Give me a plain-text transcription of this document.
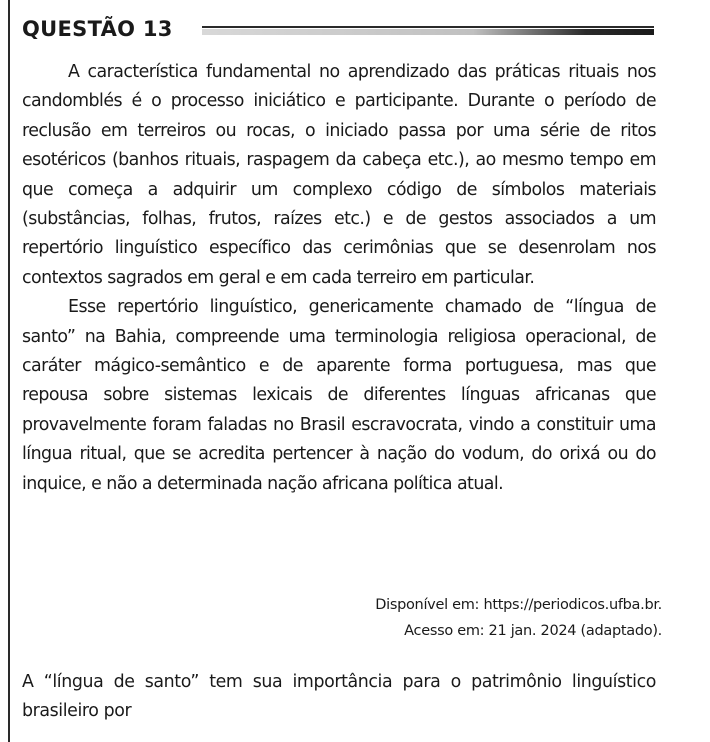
QUESTÃO 13

A característica fundamental no aprendizado das práticas rituais nos candomblés é o processo iniciático e participante. Durante o período de reclusão em terreiros ou rocas, o iniciado passa por uma série de ritos esotéricos (banhos rituais, raspagem da cabeça etc.), ao mesmo tempo em que começa a adquirir um complexo código de símbolos materiais (substâncias, folhas, frutos, raízes etc.) e de gestos associados a um repertório linguístico específico das cerimônias que se desenrolam nos contextos sagrados em geral e em cada terreiro em particular.

Esse repertório linguístico, genericamente chamado de “língua de santo” na Bahia, compreende uma terminologia religiosa operacional, de caráter mágico-semântico e de aparente forma portuguesa, mas que repousa sobre sistemas lexicais de diferentes línguas africanas que provavelmente foram faladas no Brasil escravocrata, vindo a constituir uma língua ritual, que se acredita pertencer à nação do vodum, do orixá ou do inquice, e não a determinada nação africana política atual.

Disponível em: https://periodicos.ufba.br.
Acesso em: 21 jan. 2024 (adaptado).

A “língua de santo” tem sua importância para o patrimônio linguístico brasileiro por
